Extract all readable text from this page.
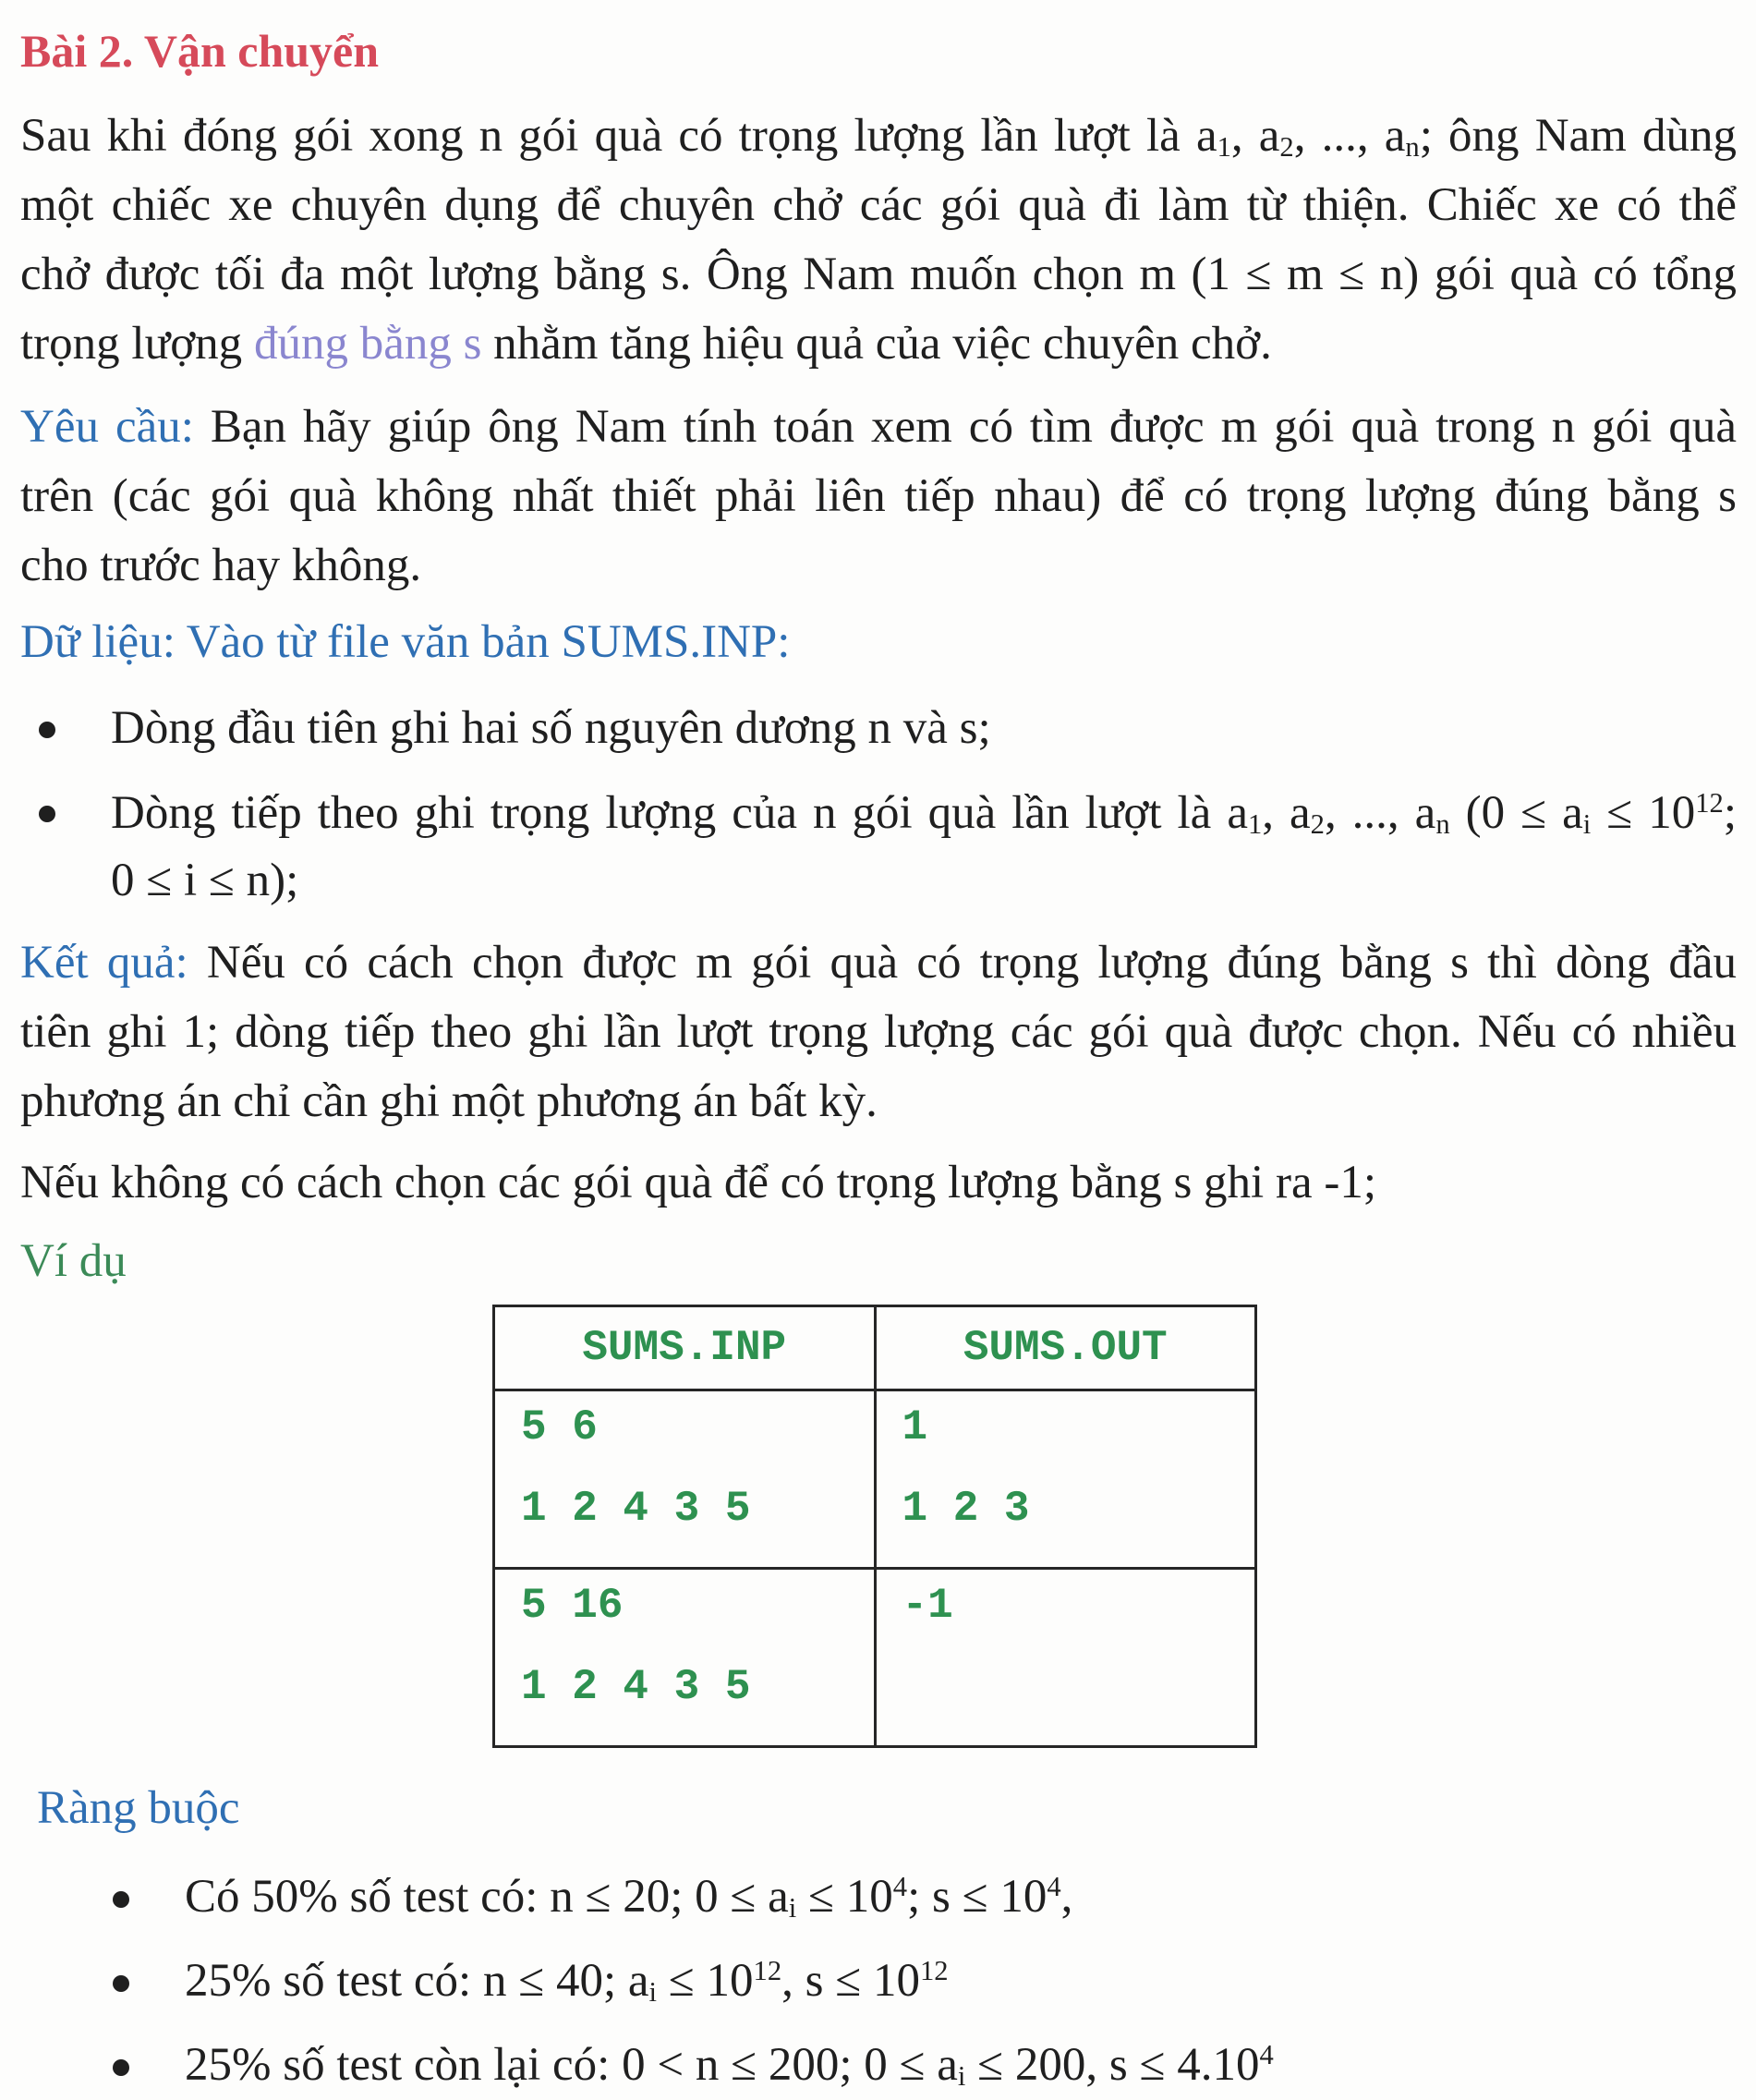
Bài 2. Vận chuyển
Sau khi đóng gói xong n gói quà có trọng lượng lần lượt là $a_1$, $a_2$, ..., $a_n$; ông Nam dùng
một chiếc xe chuyên dụng để chuyên chở các gói quà đi làm từ thiện. Chiếc xe có thể
chở được tối đa một lượng bằng s. Ông Nam muốn chọn m (1 ≤ m ≤ n) gói quà có tổng
trọng lượng đúng bằng s nhằm tăng hiệu quả của việc chuyên chở.
Yêu cầu: Bạn hãy giúp ông Nam tính toán xem có tìm được m gói quà trong n gói quà
trên (các gói quà không nhất thiết phải liên tiếp nhau) để có trọng lượng đúng bằng s
cho trước hay không.
Dữ liệu: Vào từ file văn bản SUMS.INP:
Dòng đầu tiên ghi hai số nguyên dương n và s;
Dòng tiếp theo ghi trọng lượng của n gói quà lần lượt là $a_1$, $a_2$, ..., $a_n$ ($0 \le a_i \le 10^{12}$;
0 ≤ i ≤ n);
Kết quả: Nếu có cách chọn được m gói quà có trọng lượng đúng bằng s thì dòng đầu
tiên ghi 1; dòng tiếp theo ghi lần lượt trọng lượng các gói quà được chọn. Nếu có nhiều
phương án chỉ cần ghi một phương án bất kỳ.
Nếu không có cách chọn các gói quà để có trọng lượng bằng s ghi ra -1;
Ví dụ
SUMS.INP	SUMS.OUT

5 6
1 2 4 3 5	1
1 2 3

5 16
1 2 4 3 5	-1
Ràng buộc
Có 50% số test có: n ≤ 20; $0 \le a_i \le 10^4$; $s \le 10^4$,
25% số test có: n ≤ 40; $a_i \le 10^{12}$, $s \le 10^{12}$
25% số test còn lại có: 0 < n ≤ 200; $0 \le a_i \le 200$, $s \le 4.10^4$
